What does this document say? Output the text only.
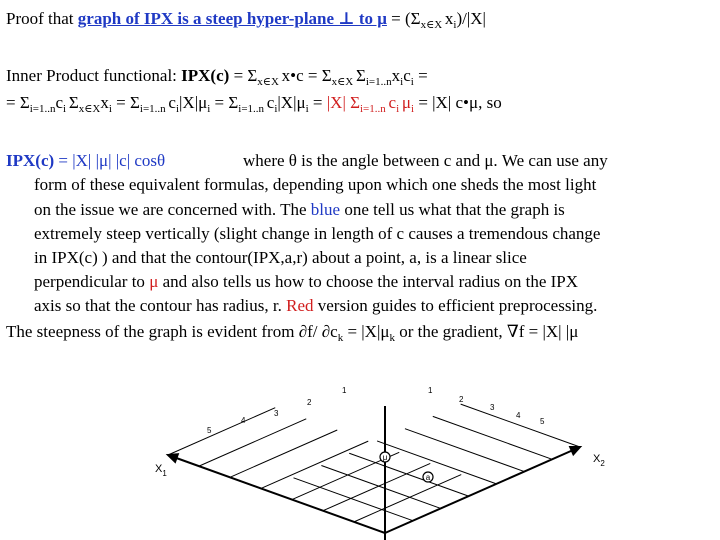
Proof that graph of IPX is a steep hyper-plane ⊥ to $\mu = (\Sigma_{x\in X}$ $x_i)/|X|$
Inner Product functional: $IPX(c) = \Sigma_{x\in X}$ x•c = $\Sigma_{x\in X}$ $\Sigma_{i=1..n}x_ic_i$ =
= $\Sigma_{i=1..n}c_i$ $\Sigma_{x\in X}x_i = \Sigma_{i=1..n}$ $c_i|X|\mu_i = \Sigma_{i=1..n}$ $c_i|X|\mu_i = |X|$ $\Sigma_{i=1..n}$ $c_i$ $\mu_i = |X|$ c•μ, so
IPX(c) = |X| |μ| |c| cosθ	where θ is the angle between c and μ. We can use any
form of these equivalent formulas, depending upon which one sheds the most light
on the issue we are concerned with. The blue one tell us what that the graph is
extremely steep vertically (slight change in length of c causes a tremendous change
in IPX(c) ) and that the contour(IPX,a,r) about a point, a, is a linear slice
perpendicular to μ and also tells us how to choose the interval radius on the IPX
axis so that the contour has radius, r. Red version guides to efficient preprocessing.
The steepness of the graph is evident from ∂f/ $\partial c_k = |X|\mu_k$ or the gradient, ∇f = |X| |μ
1
2
3
4
5
1
2
3
4
5
$X_1$
$X_2$
μ
a
